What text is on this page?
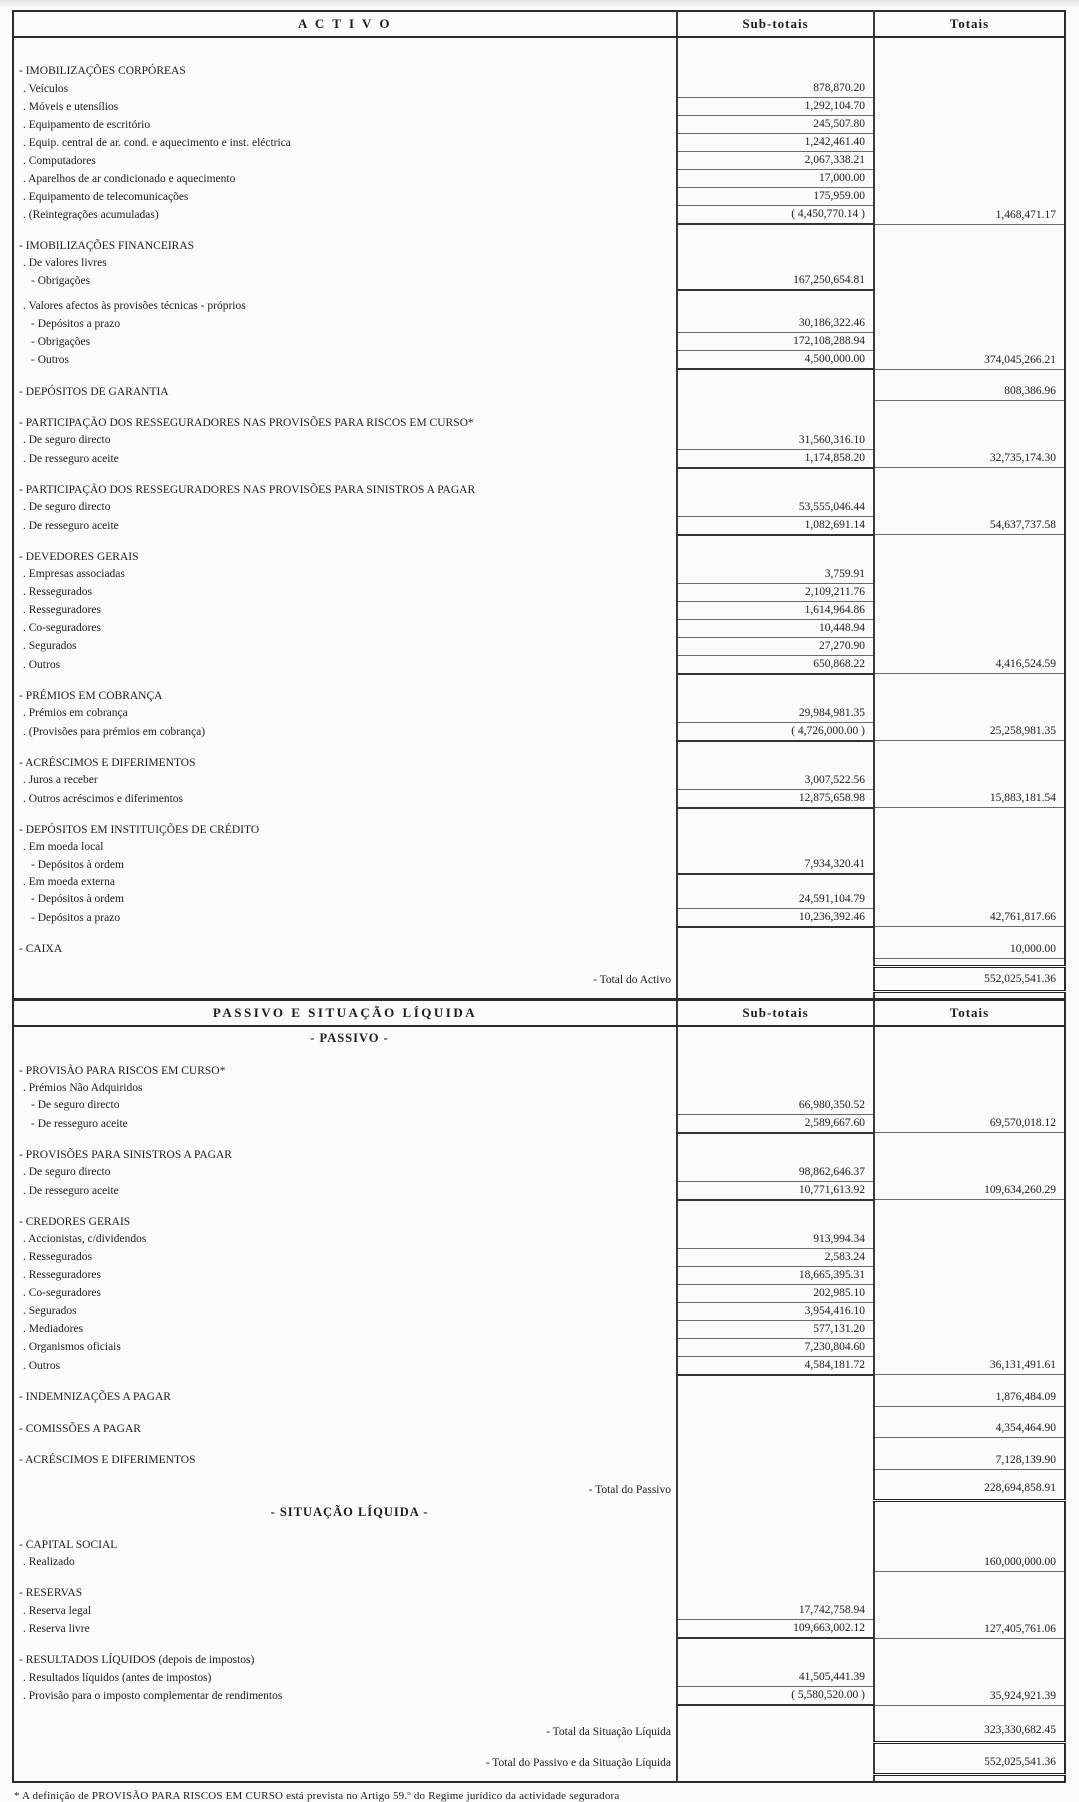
A C T I V O	Sub-totais	Totais

- IMOBILIZAÇÕES CORPÓREAS		
. Veículos	878,870.20	
. Móveis e utensílios	1,292,104.70	
. Equipamento de escritório	245,507.80	
. Equip. central de ar. cond. e aquecimento e inst. eléctrica	1,242,461.40	
. Computadores	2,067,338.21	
. Aparelhos de ar condicionado e aquecimento	17,000.00	
. Equipamento de telecomunicações	175,959.00	
. (Reintegrações acumuladas)	( 4,450,770.14 )	1,468,471.17

- IMOBILIZAÇÕES FINANCEIRAS		
. De valores livres		
- Obrigações	167,250,654.81	

. Valores afectos às provisões técnicas - próprios		
- Depósitos a prazo	30,186,322.46	
- Obrigações	172,108,288.94	
- Outros	4,500,000.00	374,045,266.21

- DEPÓSITOS DE GARANTIA		808,386.96

- PARTICIPAÇÃO DOS RESSEGURADORES NAS PROVISÕES PARA RISCOS EM CURSO*		
. De seguro directo	31,560,316.10	
. De resseguro aceite	1,174,858.20	32,735,174.30

- PARTICIPAÇÃO DOS RESSEGURADORES NAS PROVISÕES PARA SINISTROS A PAGAR		
. De seguro directo	53,555,046.44	
. De resseguro aceite	1,082,691.14	54,637,737.58

- DEVEDORES GERAIS		
. Empresas associadas	3,759.91	
. Ressegurados	2,109,211.76	
. Resseguradores	1,614,964.86	
. Co-seguradores	10,448.94	
. Segurados	27,270.90	
. Outros	650,868.22	4,416,524.59

- PRÉMIOS EM COBRANÇA		
. Prémios em cobrança	29,984,981.35	
. (Provisões para prémios em cobrança)	( 4,726,000.00 )	25,258,981.35

- ACRÉSCIMOS E DIFERIMENTOS		
. Juros a receber	3,007,522.56	
. Outros acréscimos e diferimentos	12,875,658.98	15,883,181.54

- DEPÓSITOS EM INSTITUIÇÕES DE CRÉDITO		
. Em moeda local		
- Depósitos à ordem	7,934,320.41	
. Em moeda externa		
- Depósitos à ordem	24,591,104.79	
- Depósitos a prazo	10,236,392.46	42,761,817.66

- CAIXA		10,000.00

- Total do Activo		552,025,541.36

PASSIVO E SITUAÇÃO LÍQUIDA	Sub-totais	Totais
- PASSIVO -		

- PROVISÃO PARA RISCOS EM CURSO*		
. Prémios Não Adquiridos		
- De seguro directo	66,980,350.52	
- De resseguro aceite	2,589,667.60	69,570,018.12

- PROVISÕES PARA SINISTROS A PAGAR		
. De seguro directo	98,862,646.37	
. De resseguro aceite	10,771,613.92	109,634,260.29

- CREDORES GERAIS		
. Accionistas, c/dividendos	913,994.34	
. Ressegurados	2,583.24	
. Resseguradores	18,665,395.31	
. Co-seguradores	202,985.10	
. Segurados	3,954,416.10	
. Mediadores	577,131.20	
. Organismos oficiais	7,230,804.60	
. Outros	4,584,181.72	36,131,491.61

- INDEMNIZAÇÕES A PAGAR		1,876,484.09

- COMISSÕES A PAGAR		4,354,464.90

- ACRÉSCIMOS E DIFERIMENTOS		7,128,139.90

- Total do Passivo		228,694,858.91
- SITUAÇÃO LÍQUIDA -		

- CAPITAL SOCIAL		
. Realizado		160,000,000.00

- RESERVAS		
. Reserva legal	17,742,758.94	
. Reserva livre	109,663,002.12	127,405,761.06

- RESULTADOS LÍQUIDOS (depois de impostos)		
. Resultados líquidos (antes de impostos)	41,505,441.39	
. Provisão para o imposto complementar de rendimentos	( 5,580,520.00 )	35,924,921.39

- Total da Situação Líquida		323,330,682.45

- Total do Passivo e da Situação Líquida		552,025,541.36

* A definição de PROVISÃO PARA RISCOS EM CURSO está prevista no Artigo 59.º do Regime jurídico da actividade seguradora
